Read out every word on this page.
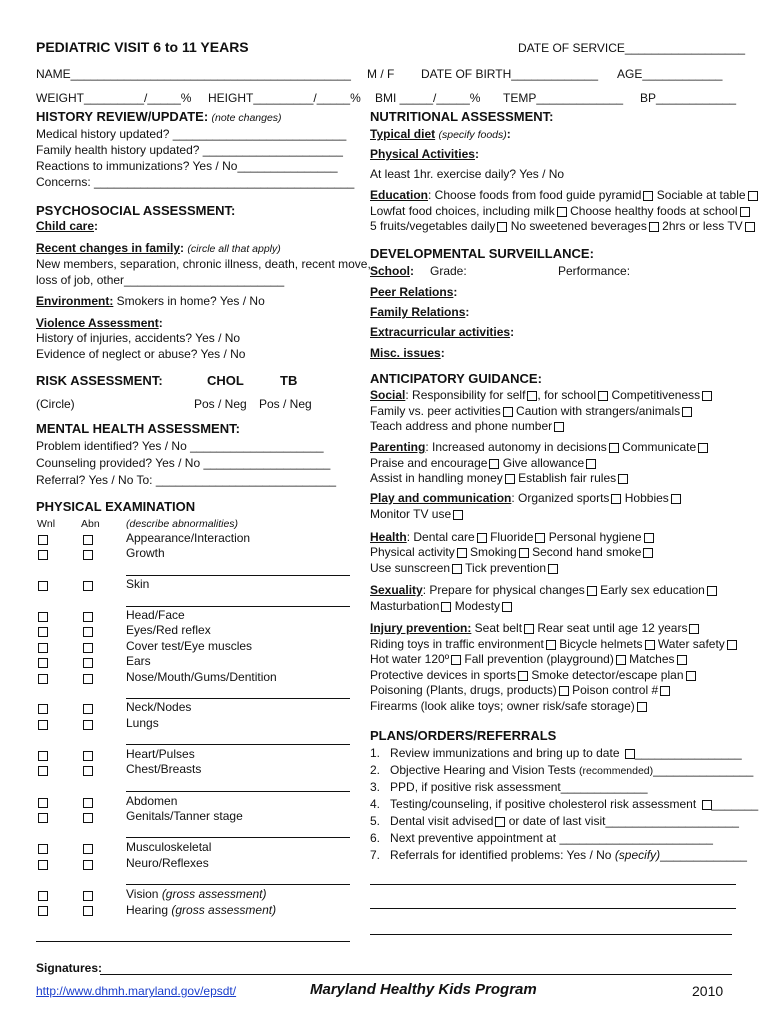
PEDIATRIC VISIT 6 to 11 YEARS	DATE OF SERVICE__________________
NAME__________________________________________ M / F DATE OF BIRTH_____________ AGE____________
WEIGHT_________/_____% HEIGHT_________/_____% BMI _____/_____% TEMP_____________ BP____________
HISTORY REVIEW/UPDATE: (note changes)
Medical history updated? __________________________
Family health history updated? _____________________
Reactions to immunizations? Yes / No_______________
Concerns: _______________________________________
PSYCHOSOCIAL ASSESSMENT:
Child care:
Recent changes in family: (circle all that apply)
New members, separation, chronic illness, death, recent move,
loss of job, other________________________
Environment: Smokers in home? Yes / No
Violence Assessment:
History of injuries, accidents? Yes / No
Evidence of neglect or abuse? Yes / No
RISK ASSESSMENT:	CHOL	TB
(Circle)	Pos / Neg Pos / Neg
MENTAL HEALTH ASSESSMENT:
Problem identified? Yes / No ____________________
Counseling provided? Yes / No ___________________
Referral? Yes / No To: ___________________________
PHYSICAL EXAMINATION
Wnl Abn	(describe abnormalities)
Appearance/Interaction
Growth
Skin
Head/Face
Eyes/Red reflex
Cover test/Eye muscles
Ears
Nose/Mouth/Gums/Dentition
Neck/Nodes
Lungs
Heart/Pulses
Chest/Breasts
Abdomen
Genitals/Tanner stage
Musculoskeletal
Neuro/Reflexes
Vision (gross assessment)
Hearing (gross assessment)
NUTRITIONAL ASSESSMENT:
Typical diet (specify foods):
Physical Activities:
At least 1hr. exercise daily? Yes / No
Education: Choose foods from food guide pyramid Sociable at table
Lowfat food choices, including milk Choose healthy foods at school
5 fruits/vegetables daily No sweetened beverages 2hrs or less TV
DEVELOPMENTAL SURVEILLANCE:
School: Grade:	Performance:
Peer Relations:
Family Relations:
Extracurricular activities:
Misc. issues:
ANTICIPATORY GUIDANCE:
Social: Responsibility for self , for school Competitiveness
Family vs. peer activities Caution with strangers/animals
Teach address and phone number
Parenting: Increased autonomy in decisions Communicate
Praise and encourage Give allowance
Assist in handling money Establish fair rules
Play and communication: Organized sports Hobbies
Monitor TV use
Health: Dental care Fluoride Personal hygiene
Physical activity Smoking Second hand smoke
Use sunscreen Tick prevention
Sexuality: Prepare for physical changes Early sex education
Masturbation Modesty
Injury prevention: Seat belt Rear seat until age 12 years
Riding toys in traffic environment Bicycle helmets Water safety
Hot water 120º Fall prevention (playground) Matches
Protective devices in sports Smoke detector/escape plan
Poisoning (Plants, drugs, products) Poison control #
Firearms (look alike toys; owner risk/safe storage)
PLANS/ORDERS/REFERRALS
1. Review immunizations and bring up to date ________________
2. Objective Hearing and Vision Tests (recommended)_______________
3. PPD, if positive risk assessment_____________
4. Testing/counseling, if positive cholesterol risk assessment _______
5. Dental visit advised or date of last visit____________________
6. Next preventive appointment at _______________________
7. Referrals for identified problems: Yes / No (specify)_____________
Signatures:
http://www.dhmh.maryland.gov/epsdt/	Maryland Healthy Kids Program	2010
